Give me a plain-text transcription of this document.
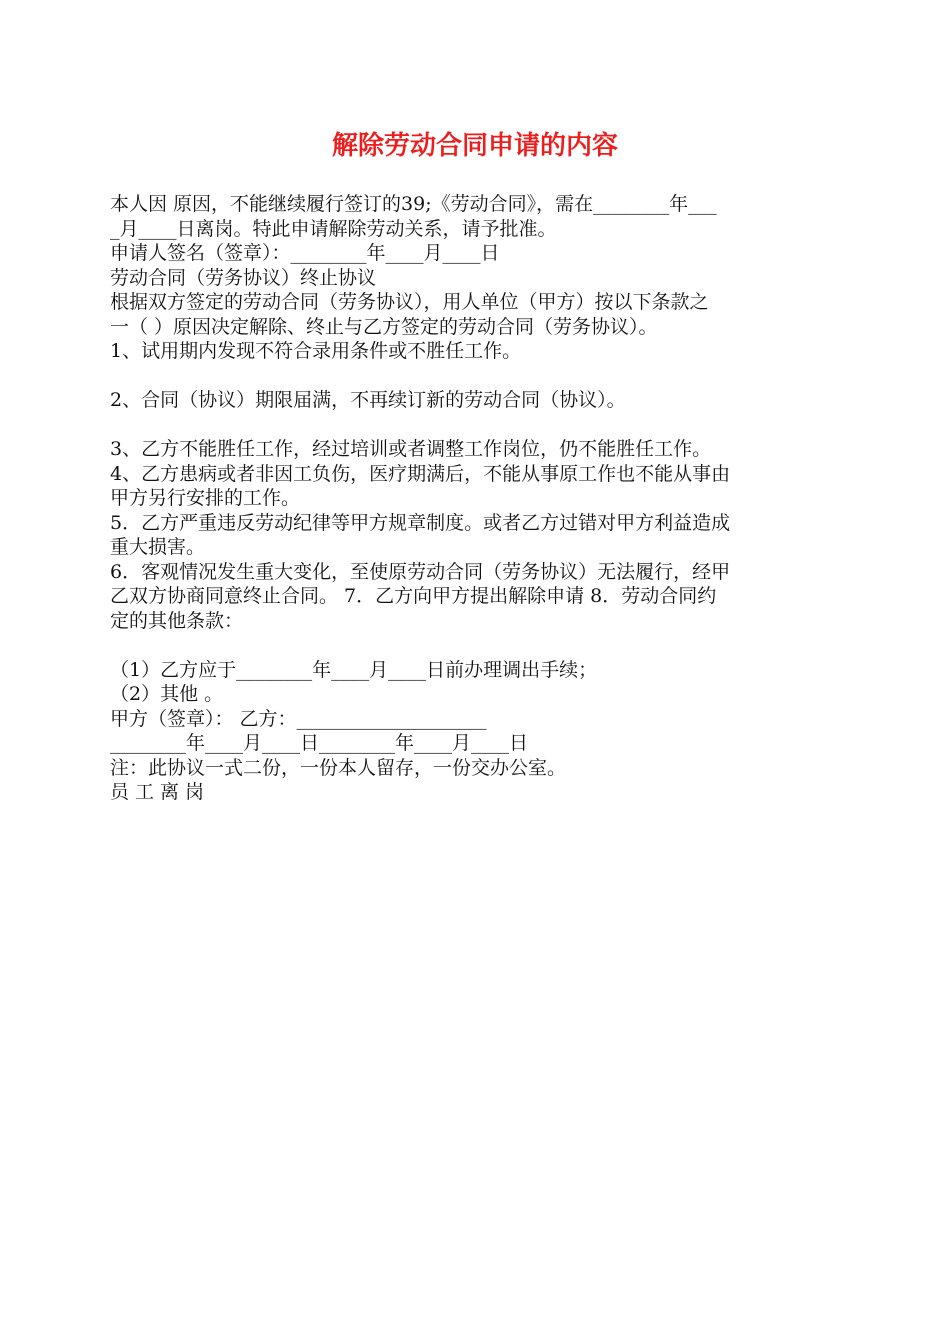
解除劳动合同申请的内容
本人因 原因，不能继续履行签订的39;《劳动合同》，需在________年___
_月____日离岗。特此申请解除劳动关系，请予批准。
申请人签名（签章）：________年____月____日
劳动合同（劳务协议）终止协议
根据双方签定的劳动合同（劳务协议），用人单位（甲方）按以下条款之
一（ ）原因决定解除、终止与乙方签定的劳动合同（劳务协议）。
1、试用期内发现不符合录用条件或不胜任工作。
2、合同（协议）期限届满，不再续订新的劳动合同（协议）。
3、乙方不能胜任工作，经过培训或者调整工作岗位，仍不能胜任工作。
4、乙方患病或者非因工负伤，医疗期满后，不能从事原工作也不能从事由
甲方另行安排的工作。
5．乙方严重违反劳动纪律等甲方规章制度。或者乙方过错对甲方利益造成
重大损害。
6．客观情况发生重大变化，至使原劳动合同（劳务协议）无法履行，经甲
乙双方协商同意终止合同。 7．乙方向甲方提出解除申请 8．劳动合同约
定的其他条款：
（1）乙方应于________年____月____日前办理调出手续；
（2）其他 。
甲方（签章）： 乙方：____________________
________年____月____日________年____月____日
注：此协议一式二份，一份本人留存，一份交办公室。
员工离岗
